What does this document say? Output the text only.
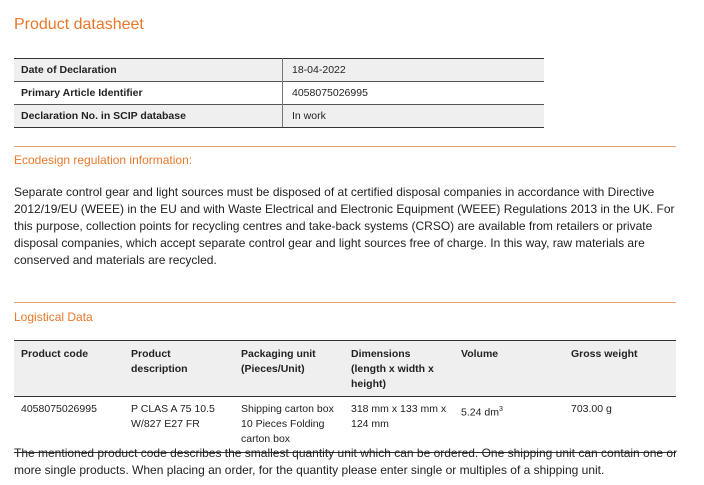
Product datasheet
Date of Declaration	18-04-2022
Primary Article Identifier	4058075026995
Declaration No. in SCIP database	In work
Ecodesign regulation information:
Separate control gear and light sources must be disposed of at certified disposal companies in accordance with Directive 2012/19/EU (WEEE) in the EU and with Waste Electrical and Electronic Equipment (WEEE) Regulations 2013 in the UK. For this purpose, collection points for recycling centres and take-back systems (CRSO) are available from retailers or private disposal companies, which accept separate control gear and light sources free of charge. In this way, raw materials are conserved and materials are recycled.
Logistical Data
Product code	Product description	Packaging unit (Pieces/Unit)	Dimensions (length x width x height)	Volume	Gross weight
4058075026995	P CLAS A 75 10.5 W/827 E27 FR	Shipping carton box 10 Pieces Folding carton box	318 mm x 133 mm x 124 mm	5.24 $dm^3$	703.00 g
The mentioned product code describes the smallest quantity unit which can be ordered. One shipping unit can contain one or more single products. When placing an order, for the quantity please enter single or multiples of a shipping unit.
